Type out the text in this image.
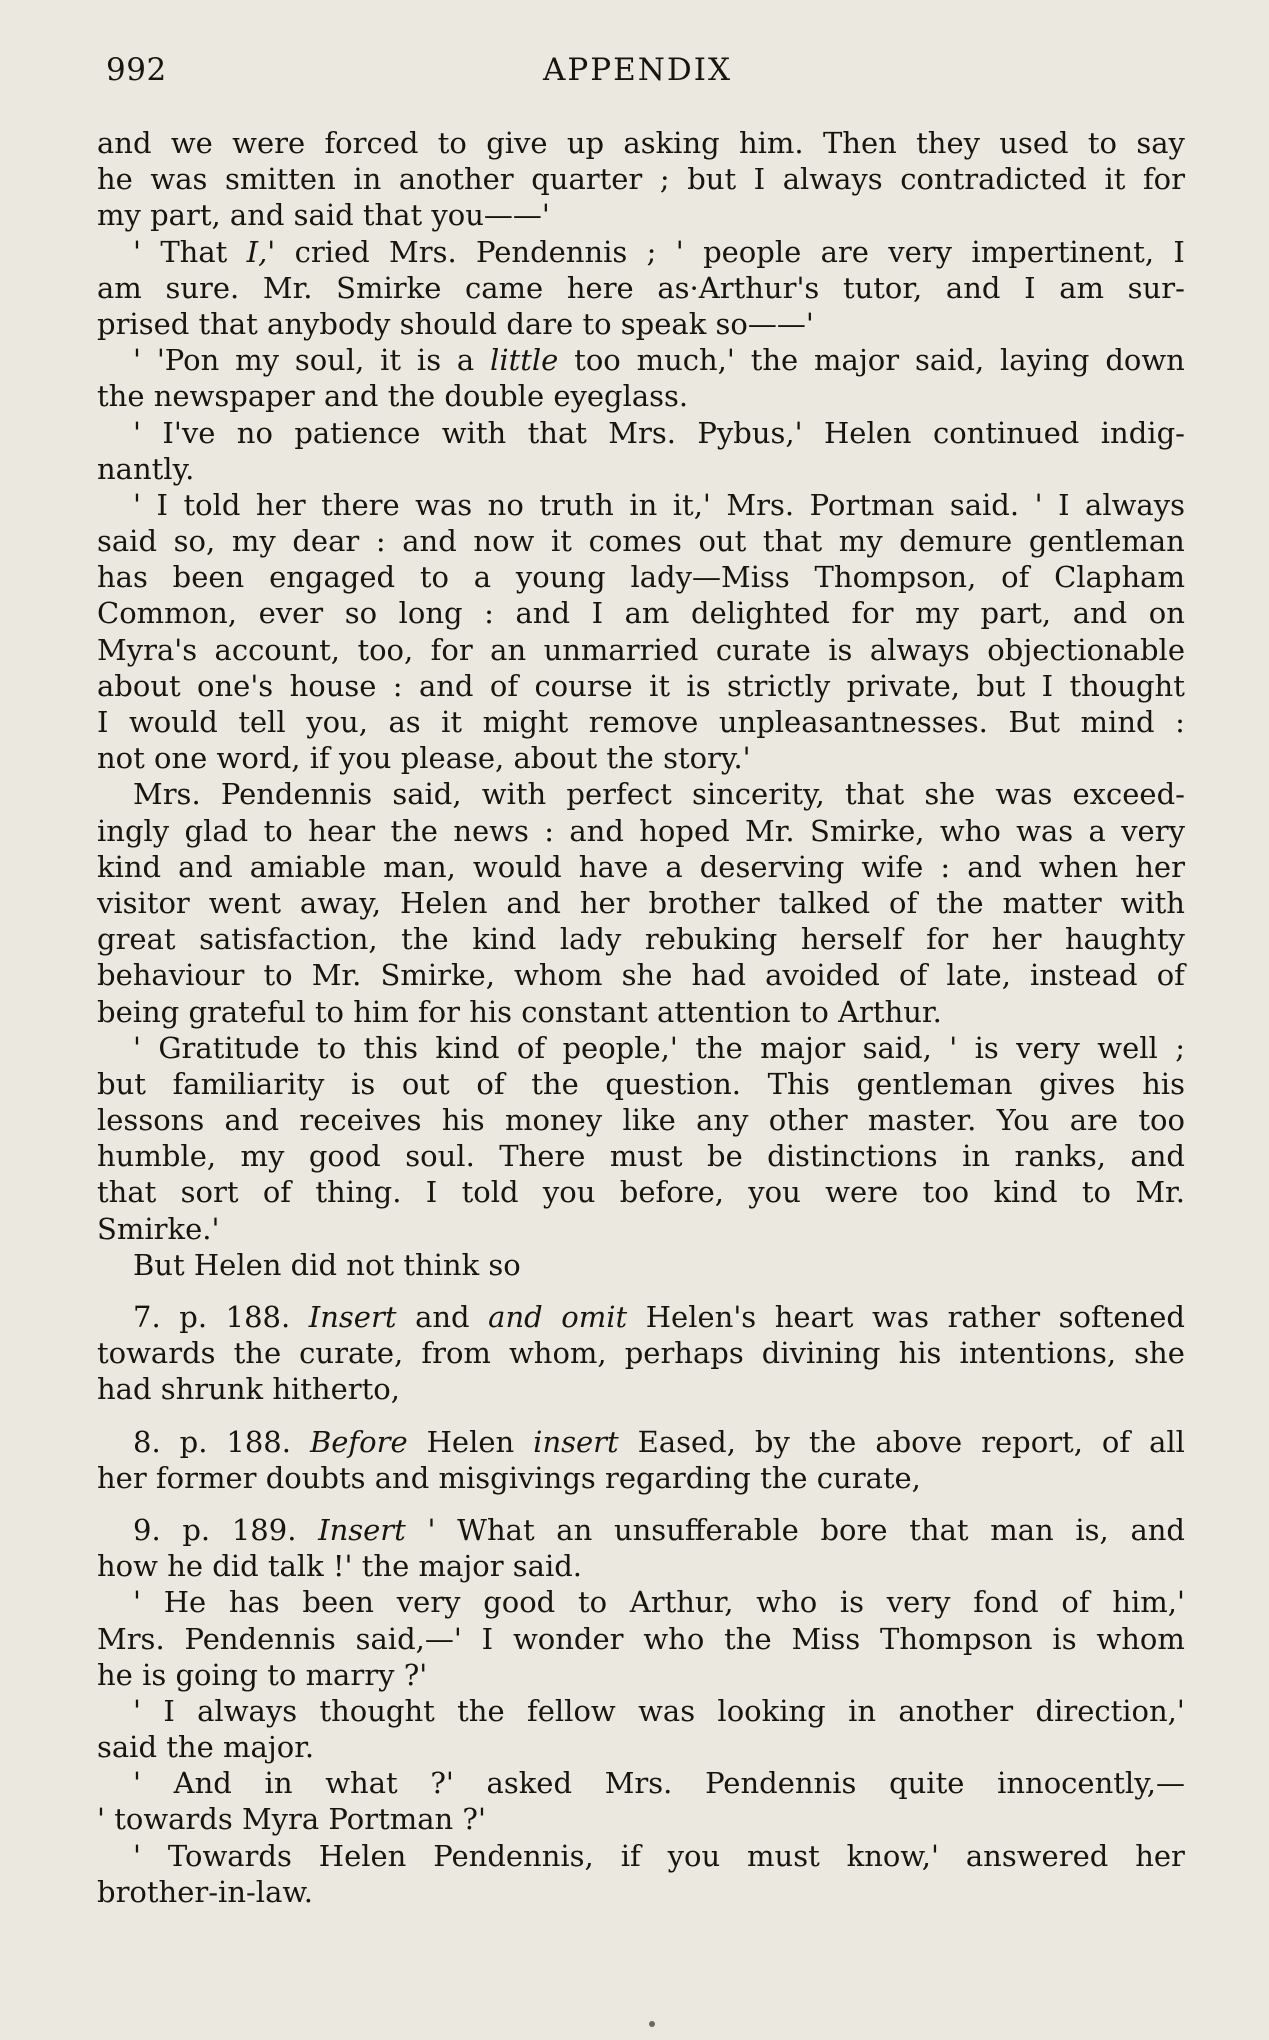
992	APPENDIX
and we were forced to give up asking him. Then they used to say
he was smitten in another quarter ; but I always contradicted it for
my
part,
and
said
that
you——'
' That I,' cried Mrs. Pendennis ; ' people are very impertinent, I
am sure. Mr. Smirke came here as·Arthur's tutor, and I am sur-
prised
that
anybody
should
dare
to
speak
so——'
' 'Pon my soul, it is a little too much,' the major said, laying down
the
newspaper
and
the
double
eyeglass.
' I've no patience with that Mrs. Pybus,' Helen continued indig-
nantly.
' I told her there was no truth in it,' Mrs. Portman said. ' I always
said so, my dear : and now it comes out that my demure gentleman
has been engaged to a young lady—Miss Thompson, of Clapham
Common, ever so long : and I am delighted for my part, and on
Myra's account, too, for an unmarried curate is always objectionable
about one's house : and of course it is strictly private, but I thought
I would tell you, as it might remove unpleasantnesses. But mind :
not
one
word,
if
you
please,
about
the
story.'
Mrs. Pendennis said, with perfect sincerity, that she was exceed-
ingly glad to hear the news : and hoped Mr. Smirke, who was a very
kind and amiable man, would have a deserving wife : and when her
visitor went away, Helen and her brother talked of the matter with
great satisfaction, the kind lady rebuking herself for her haughty
behaviour to Mr. Smirke, whom she had avoided of late, instead of
being
grateful
to
him
for
his
constant
attention
to
Arthur.
' Gratitude to this kind of people,' the major said, ' is very well ;
but familiarity is out of the question. This gentleman gives his
lessons and receives his money like any other master. You are too
humble, my good soul. There must be distinctions in ranks, and
that sort of thing. I told you before, you were too kind to Mr.
Smirke.'
But
Helen
did
not
think
so
7. p. 188. Insert and and omit Helen's heart was rather softened
towards the curate, from whom, perhaps divining his intentions, she
had
shrunk
hitherto,
8. p. 188. Before Helen insert Eased, by the above report, of all
her
former
doubts
and
misgivings
regarding
the
curate,
9. p. 189. Insert ' What an unsufferable bore that man is, and
how
he
did
talk
!'
the
major
said.
' He has been very good to Arthur, who is very fond of him,'
Mrs. Pendennis said,—' I wonder who the Miss Thompson is whom
he
is
going
to
marry
?'
' I always thought the fellow was looking in another direction,'
said
the
major.
' And in what ?' asked Mrs. Pendennis quite innocently,—
'
towards
Myra
Portman
?'
' Towards Helen Pendennis, if you must know,' answered her
brother-in-law.
